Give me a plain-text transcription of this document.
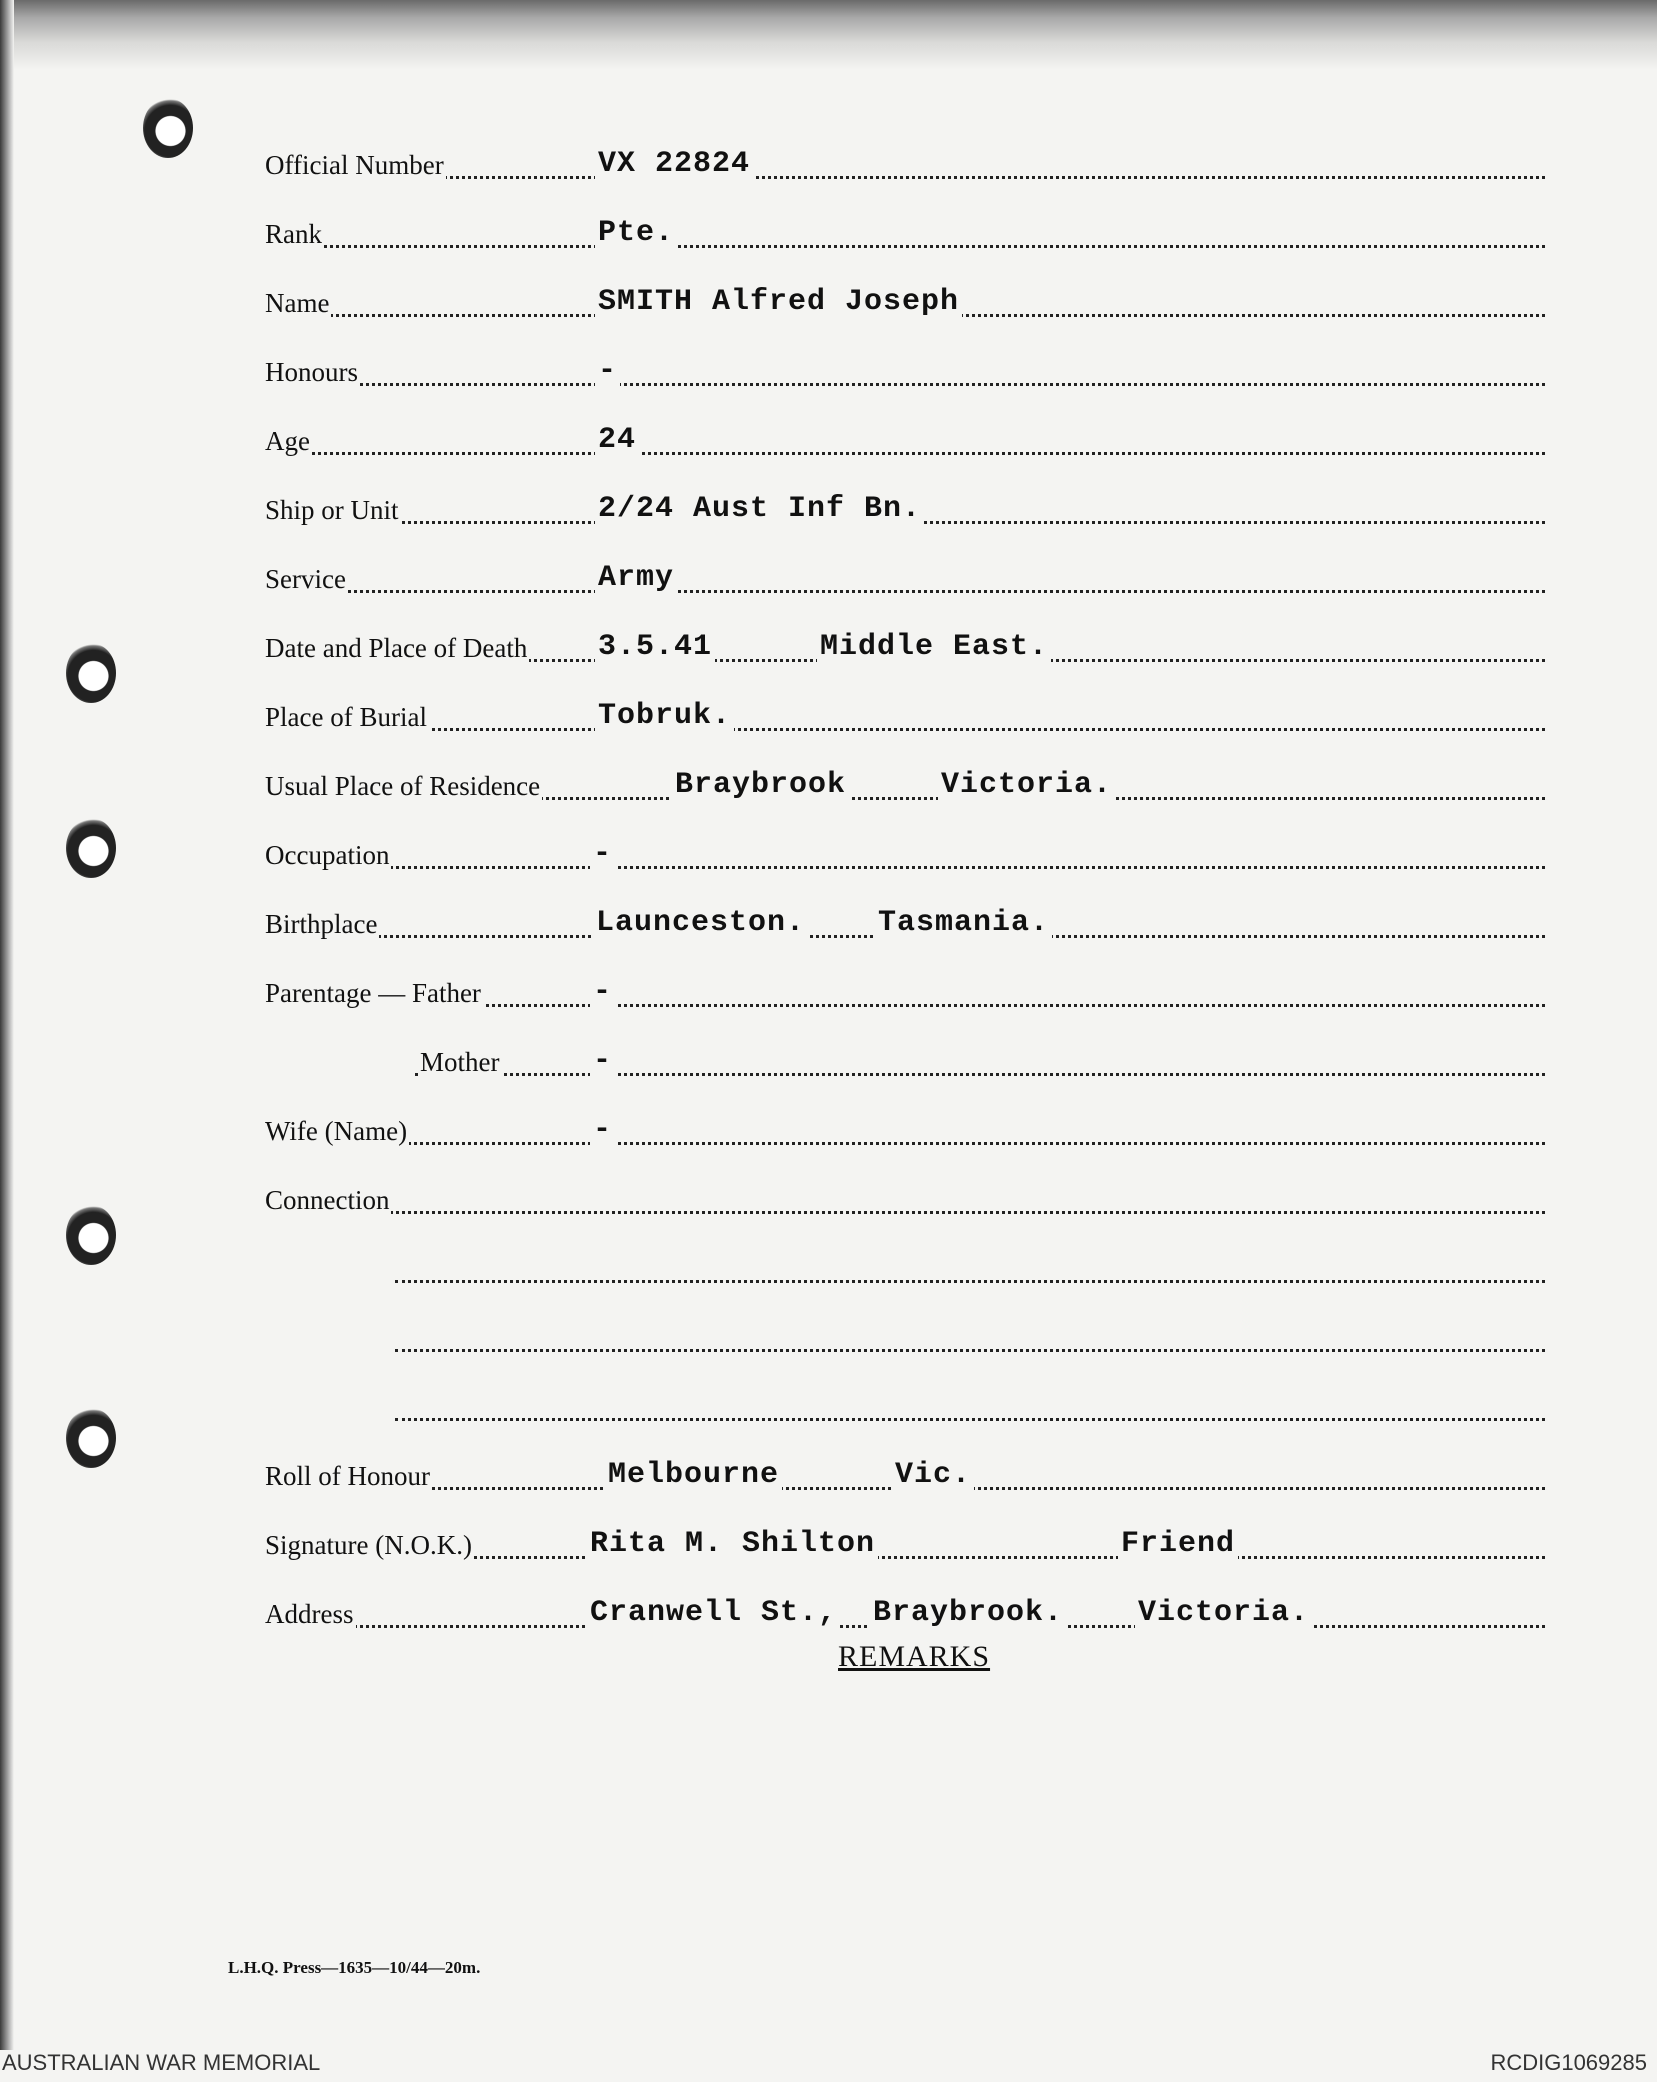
Official Number	VX 22824
Rank	Pte.
Name	SMITH Alfred Joseph
Honours	-
Age	24
Ship or Unit	2/24 Aust Inf Bn.
Service	Army
Date and Place of Death 3.5.41	Middle East.
Place of Burial	Tobruk.
Usual Place of Residence	Braybrook	Victoria.
Occupation	-
Birthplace	Launceston. Tasmania.
Parentage — Father	-
Mother	-
Wife (Name)	-
Connection
Roll of Honour	Melbourne	Vic.
Signature (N.O.K.)	Rita M. Shilton	Friend
Address	Cranwell St., Braybrook. Victoria.
REMARKS
L.H.Q. Press—1635—10/44—20m.
AUSTRALIAN WAR MEMORIAL	RCDIG1069285
